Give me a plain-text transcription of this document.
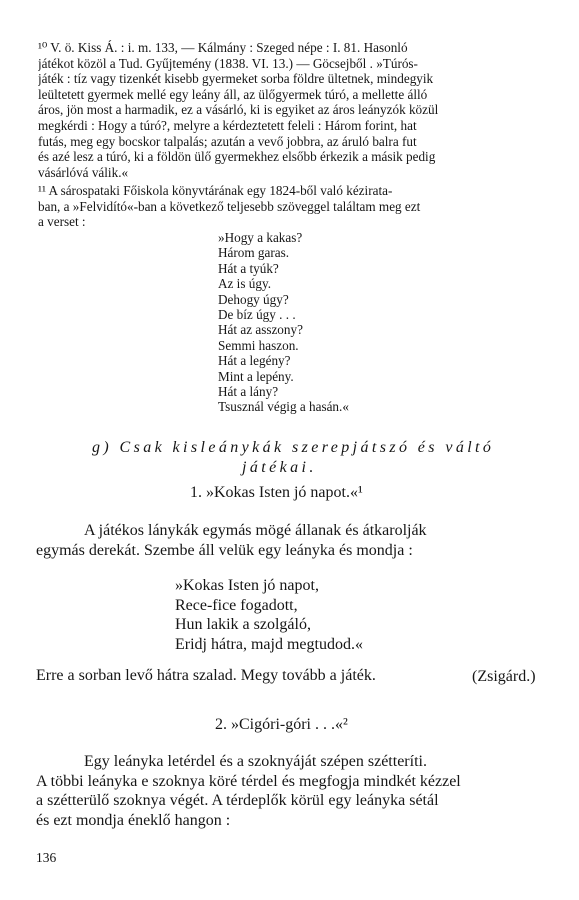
¹⁰ V. ö. Kiss Á. : i. m. 133, — Kálmány : Szeged népe : I. 81. Hasonló
játékot közöl a Tud. Gyűjtemény (1838. VI. 13.) — Göcsejből . »Túrós-
játék : tíz vagy tizenkét kisebb gyermeket sorba földre ültetnek, mindegyik
leültetett gyermek mellé egy leány áll, az ülőgyermek túró, a mellette álló
áros, jön most a harmadik, ez a vásárló, ki is egyiket az áros leányzók közül
megkérdi : Hogy a túró?, melyre a kérdeztetett feleli : Három forint, hat
futás, meg egy bocskor talpalás; azután a vevő jobbra, az áruló balra fut
és azé lesz a túró, ki a földön ülő gyermekhez elsőbb érkezik a másik pedig
vásárlóvá válik.«
¹¹ A sárospataki Főiskola könyvtárának egy 1824-ből való kézirata-
ban, a »Felvidító«-ban a következő teljesebb szöveggel találtam meg ezt
a verset :
»Hogy a kakas?
Három garas.
Hát a tyúk?
Az is úgy.
Dehogy úgy?
De bíz úgy . . .
Hát az asszony?
Semmi haszon.
Hát a legény?
Mint a lepény.
Hát a lány?
Tsusznál végig a hasán.«
g) Csak kisleánykák szerepjátszó és váltó
játékai.
1. »Kokas Isten jó napot.«¹
A játékos lánykák egymás mögé állanak és átkarolják
egymás derekát. Szembe áll velük egy leányka és mondja :
»Kokas Isten jó napot,
Rece-fice fogadott,
Hun lakik a szolgáló,
Eridj hátra, majd megtudod.«
Erre a sorban levő hátra szalad. Megy tovább a játék.	(Zsigárd.)
2. »Cigóri-góri . . .«²
Egy leányka letérdel és a szoknyáját szépen szétteríti.
A többi leányka e szoknya köré térdel és megfogja mindkét kézzel
a szétterülő szoknya végét. A térdeplők körül egy leányka sétál
és ezt mondja éneklő hangon :
136
